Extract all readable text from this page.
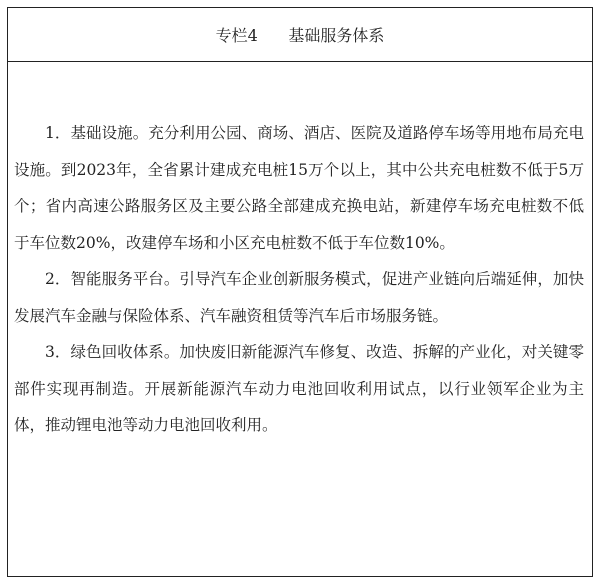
专栏4
基础服务体系

1．基础设施。充分利用公园、商场、酒店、医院及道路停车场等用地布局充电设施。到2023年，全省累计建成充电桩15万个以上，其中公共充电桩数不低于5万个；省内高速公路服务区及主要公路全部建成充换电站，新建停车场充电桩数不低于车位数20%，改建停车场和小区充电桩数不低于车位数10%。

2．智能服务平台。引导汽车企业创新服务模式，促进产业链向后端延伸，加快发展汽车金融与保险体系、汽车融资租赁等汽车后市场服务链。

3．绿色回收体系。加快废旧新能源汽车修复、改造、拆解的产业化，对关键零部件实现再制造。开展新能源汽车动力电池回收利用试点，以行业领军企业为主体，推动锂电池等动力电池回收利用。
